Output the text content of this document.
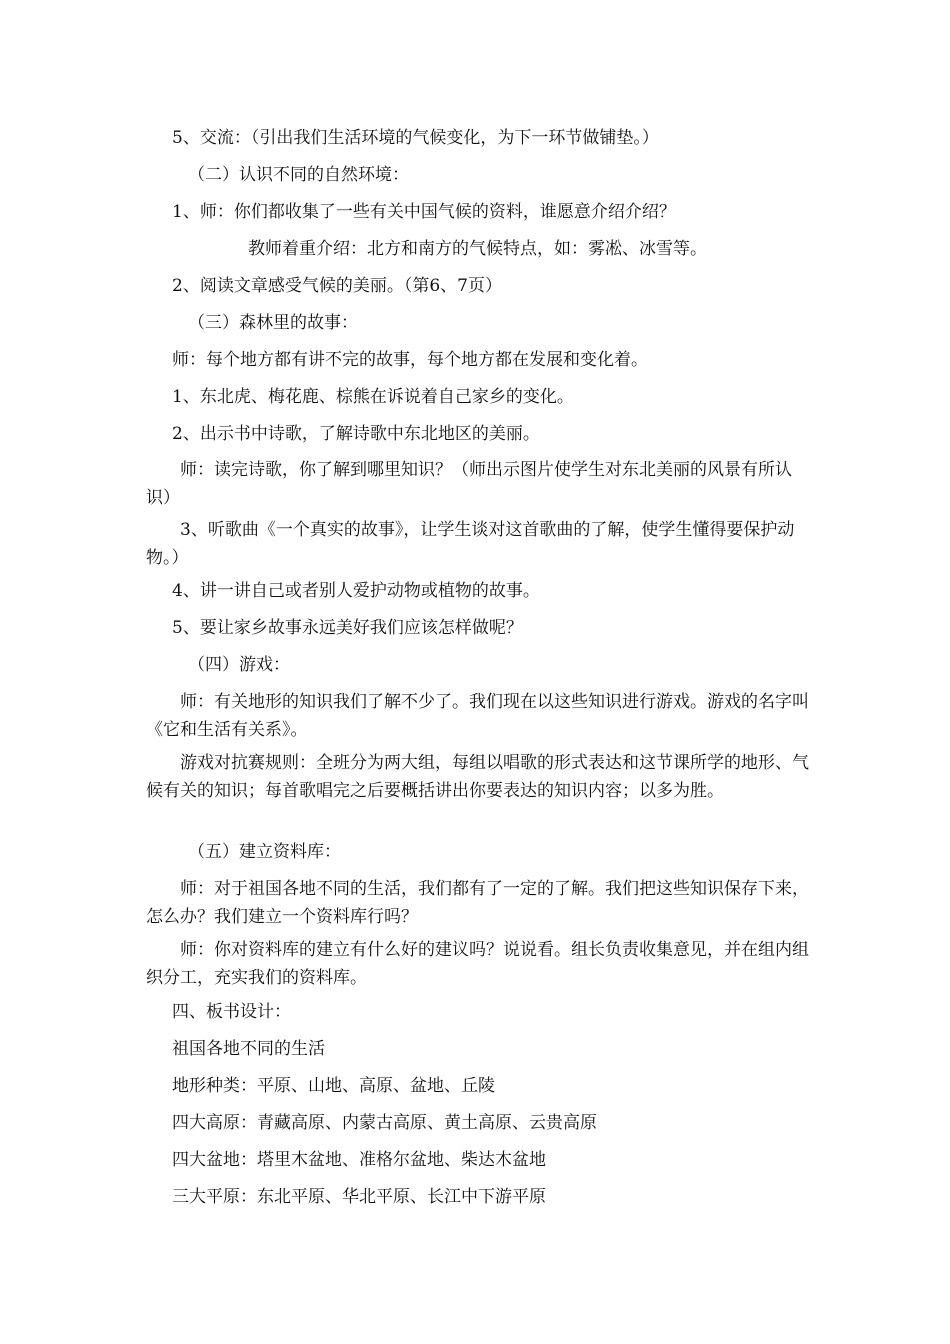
5、交流：（引出我们生活环境的气候变化，为下一环节做铺垫。）
（二）认识不同的自然环境：
1、师：你们都收集了一些有关中国气候的资料，谁愿意介绍介绍？
教师着重介绍：北方和南方的气候特点，如：雾凇、冰雪等。
2、阅读文章感受气候的美丽。（第6、7页）
（三）森林里的故事：
师：每个地方都有讲不完的故事，每个地方都在发展和变化着。
1、东北虎、梅花鹿、棕熊在诉说着自己家乡的变化。
2、出示书中诗歌，了解诗歌中东北地区的美丽。
师：读完诗歌，你了解到哪里知识？（师出示图片使学生对东北美丽的风景有所认识）
3、听歌曲《一个真实的故事》，让学生谈对这首歌曲的了解，使学生懂得要保护动物。）
4、讲一讲自己或者别人爱护动物或植物的故事。
5、要让家乡故事永远美好我们应该怎样做呢？
（四）游戏：
师：有关地形的知识我们了解不少了。我们现在以这些知识进行游戏。游戏的名字叫《它和生活有关系》。
游戏对抗赛规则：全班分为两大组，每组以唱歌的形式表达和这节课所学的地形、气候有关的知识；每首歌唱完之后要概括讲出你要表达的知识内容；以多为胜。
（五）建立资料库：
师：对于祖国各地不同的生活，我们都有了一定的了解。我们把这些知识保存下来，怎么办？我们建立一个资料库行吗？
师：你对资料库的建立有什么好的建议吗？说说看。组长负责收集意见，并在组内组织分工，充实我们的资料库。
四、板书设计：
祖国各地不同的生活
地形种类：平原、山地、高原、盆地、丘陵
四大高原：青藏高原、内蒙古高原、黄土高原、云贵高原
四大盆地：塔里木盆地、准格尔盆地、柴达木盆地
三大平原：东北平原、华北平原、长江中下游平原
